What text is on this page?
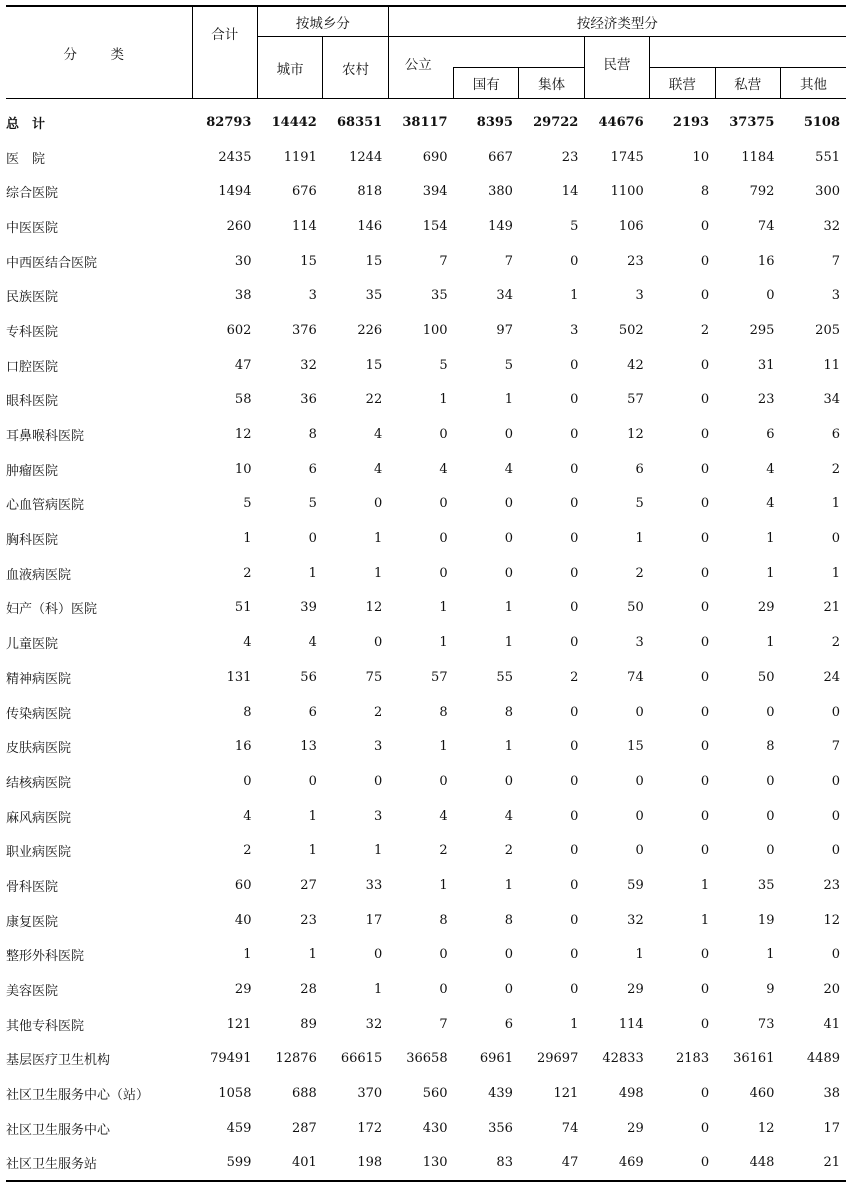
分　类	合计	按城乡分		按经济类型分						
		城市	农村	公立			民营			
					国有	集体		联营	私营	其他
总　计	82793	14442	68351	38117	8395	29722	44676	2193	37375	5108
医　院	2435	1191	1244	690	667	23	1745	10	1184	551
综合医院	1494	676	818	394	380	14	1100	8	792	300
中医医院	260	114	146	154	149	5	106	0	74	32
中西医结合医院	30	15	15	7	7	0	23	0	16	7
民族医院	38	3	35	35	34	1	3	0	0	3
专科医院	602	376	226	100	97	3	502	2	295	205
口腔医院	47	32	15	5	5	0	42	0	31	11
眼科医院	58	36	22	1	1	0	57	0	23	34
耳鼻喉科医院	12	8	4	0	0	0	12	0	6	6
肿瘤医院	10	6	4	4	4	0	6	0	4	2
心血管病医院	5	5	0	0	0	0	5	0	4	1
胸科医院	1	0	1	0	0	0	1	0	1	0
血液病医院	2	1	1	0	0	0	2	0	1	1
妇产（科）医院	51	39	12	1	1	0	50	0	29	21
儿童医院	4	4	0	1	1	0	3	0	1	2
精神病医院	131	56	75	57	55	2	74	0	50	24
传染病医院	8	6	2	8	8	0	0	0	0	0
皮肤病医院	16	13	3	1	1	0	15	0	8	7
结核病医院	0	0	0	0	0	0	0	0	0	0
麻风病医院	4	1	3	4	4	0	0	0	0	0
职业病医院	2	1	1	2	2	0	0	0	0	0
骨科医院	60	27	33	1	1	0	59	1	35	23
康复医院	40	23	17	8	8	0	32	1	19	12
整形外科医院	1	1	0	0	0	0	1	0	1	0
美容医院	29	28	1	0	0	0	29	0	9	20
其他专科医院	121	89	32	7	6	1	114	0	73	41
基层医疗卫生机构	79491	12876	66615	36658	6961	29697	42833	2183	36161	4489
社区卫生服务中心（站）	1058	688	370	560	439	121	498	0	460	38
社区卫生服务中心	459	287	172	430	356	74	29	0	12	17
社区卫生服务站	599	401	198	130	83	47	469	0	448	21
